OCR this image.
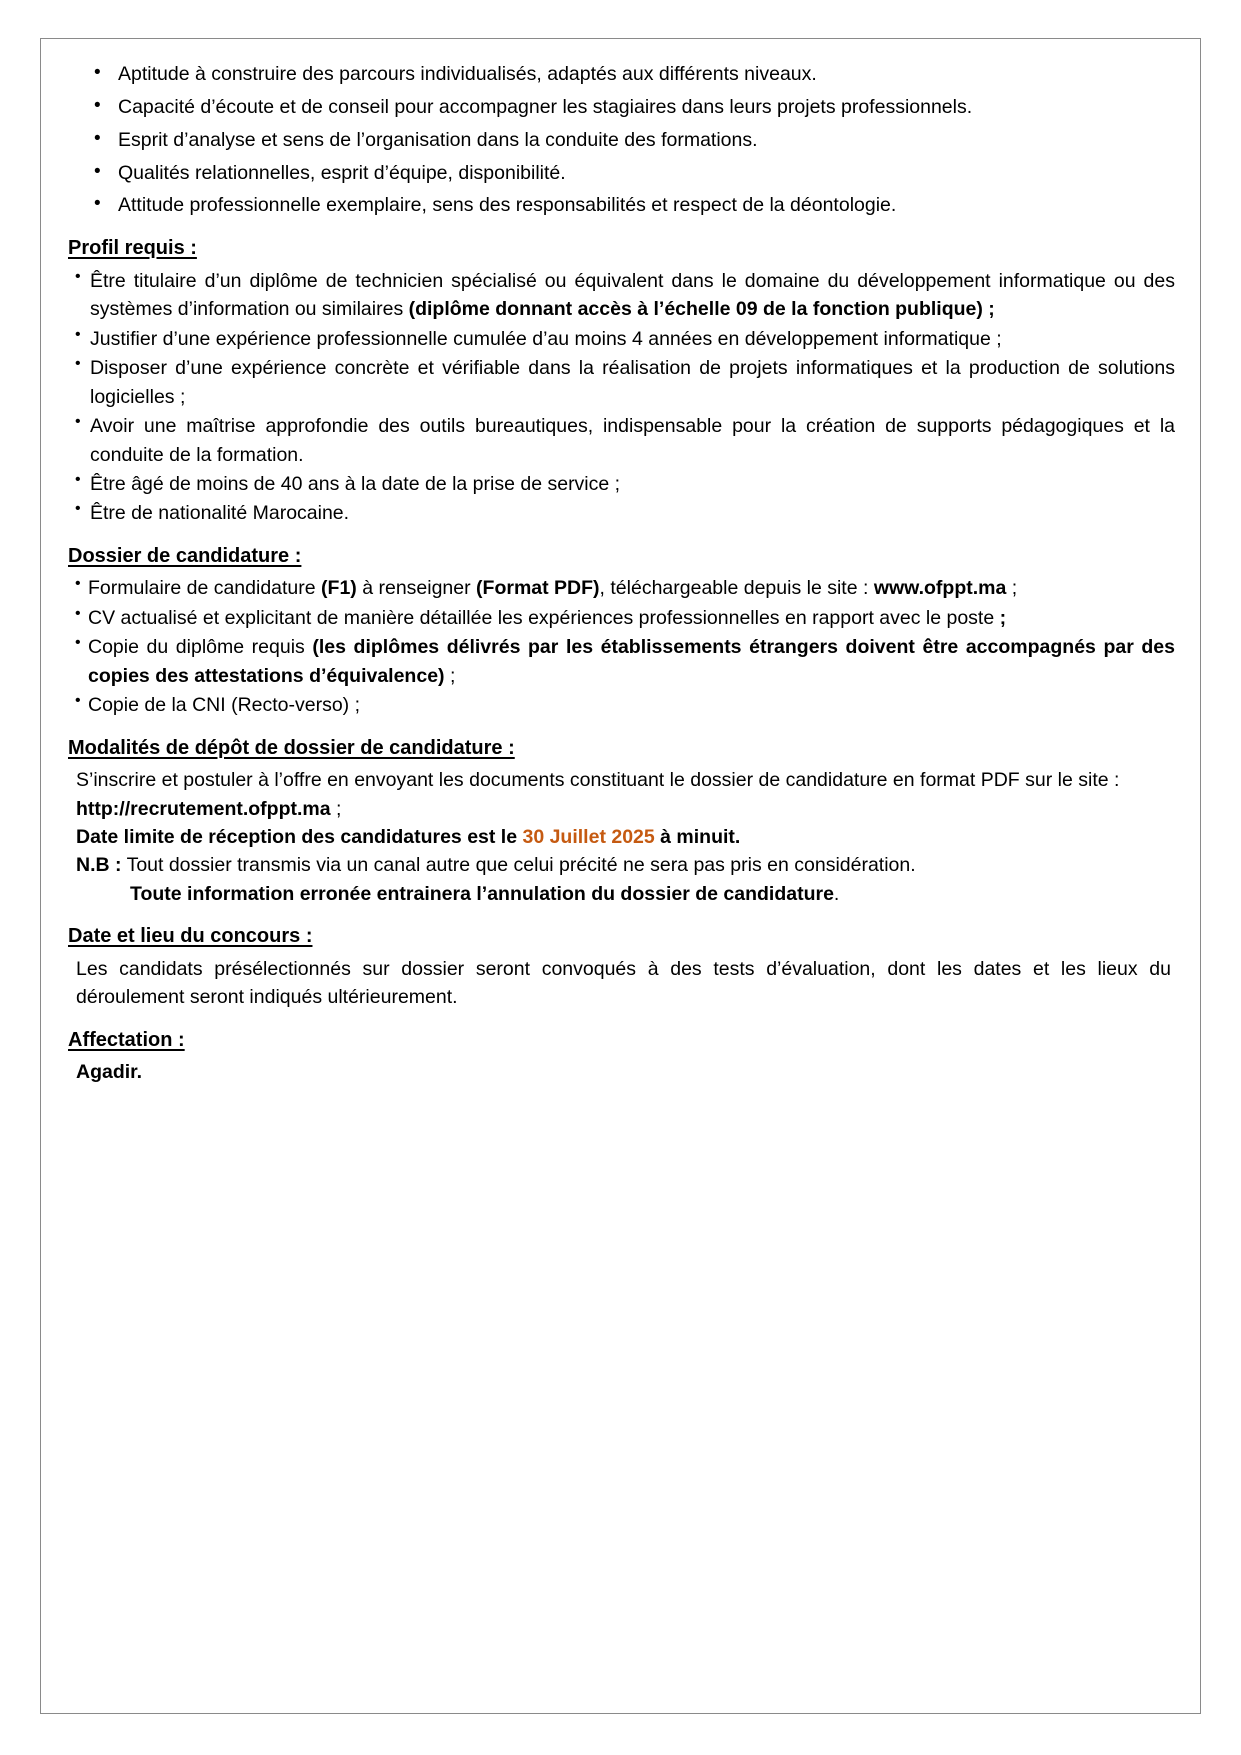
• Aptitude à construire des parcours individualisés, adaptés aux différents niveaux.
• Capacité d’écoute et de conseil pour accompagner les stagiaires dans leurs projets professionnels.
• Esprit d’analyse et sens de l’organisation dans la conduite des formations.
• Qualités relationnelles, esprit d’équipe, disponibilité.
• Attitude professionnelle exemplaire, sens des responsabilités et respect de la déontologie.
Profil requis :
• Être titulaire d’un diplôme de technicien spécialisé ou équivalent dans le domaine du développement informatique ou des systèmes d’information ou similaires (diplôme donnant accès à l’échelle 09 de la fonction publique) ;
• Justifier d’une expérience professionnelle cumulée d’au moins 4 années en développement informatique ;
• Disposer d’une expérience concrète et vérifiable dans la réalisation de projets informatiques et la production de solutions logicielles ;
• Avoir une maîtrise approfondie des outils bureautiques, indispensable pour la création de supports pédagogiques et la conduite de la formation.
• Être âgé de moins de 40 ans à la date de la prise de service ;
• Être de nationalité Marocaine.
Dossier de candidature :
• Formulaire de candidature (F1) à renseigner (Format PDF), téléchargeable depuis le site : www.ofppt.ma ;
• CV actualisé et explicitant de manière détaillée les expériences professionnelles en rapport avec le poste ;
• Copie du diplôme requis (les diplômes délivrés par les établissements étrangers doivent être accompagnés par des copies des attestations d’équivalence) ;
• Copie de la CNI (Recto-verso) ;
Modalités de dépôt de dossier de candidature :
S’inscrire et postuler à l’offre en envoyant les documents constituant le dossier de candidature en format PDF sur le site :
http://recrutement.ofppt.ma ;
Date limite de réception des candidatures est le 30 Juillet 2025 à minuit.
N.B : Tout dossier transmis via un canal autre que celui précité ne sera pas pris en considération.
Toute information erronée entrainera l’annulation du dossier de candidature.
Date et lieu du concours :
Les candidats présélectionnés sur dossier seront convoqués à des tests d’évaluation, dont les dates et les lieux du déroulement seront indiqués ultérieurement.
Affectation :
Agadir.
